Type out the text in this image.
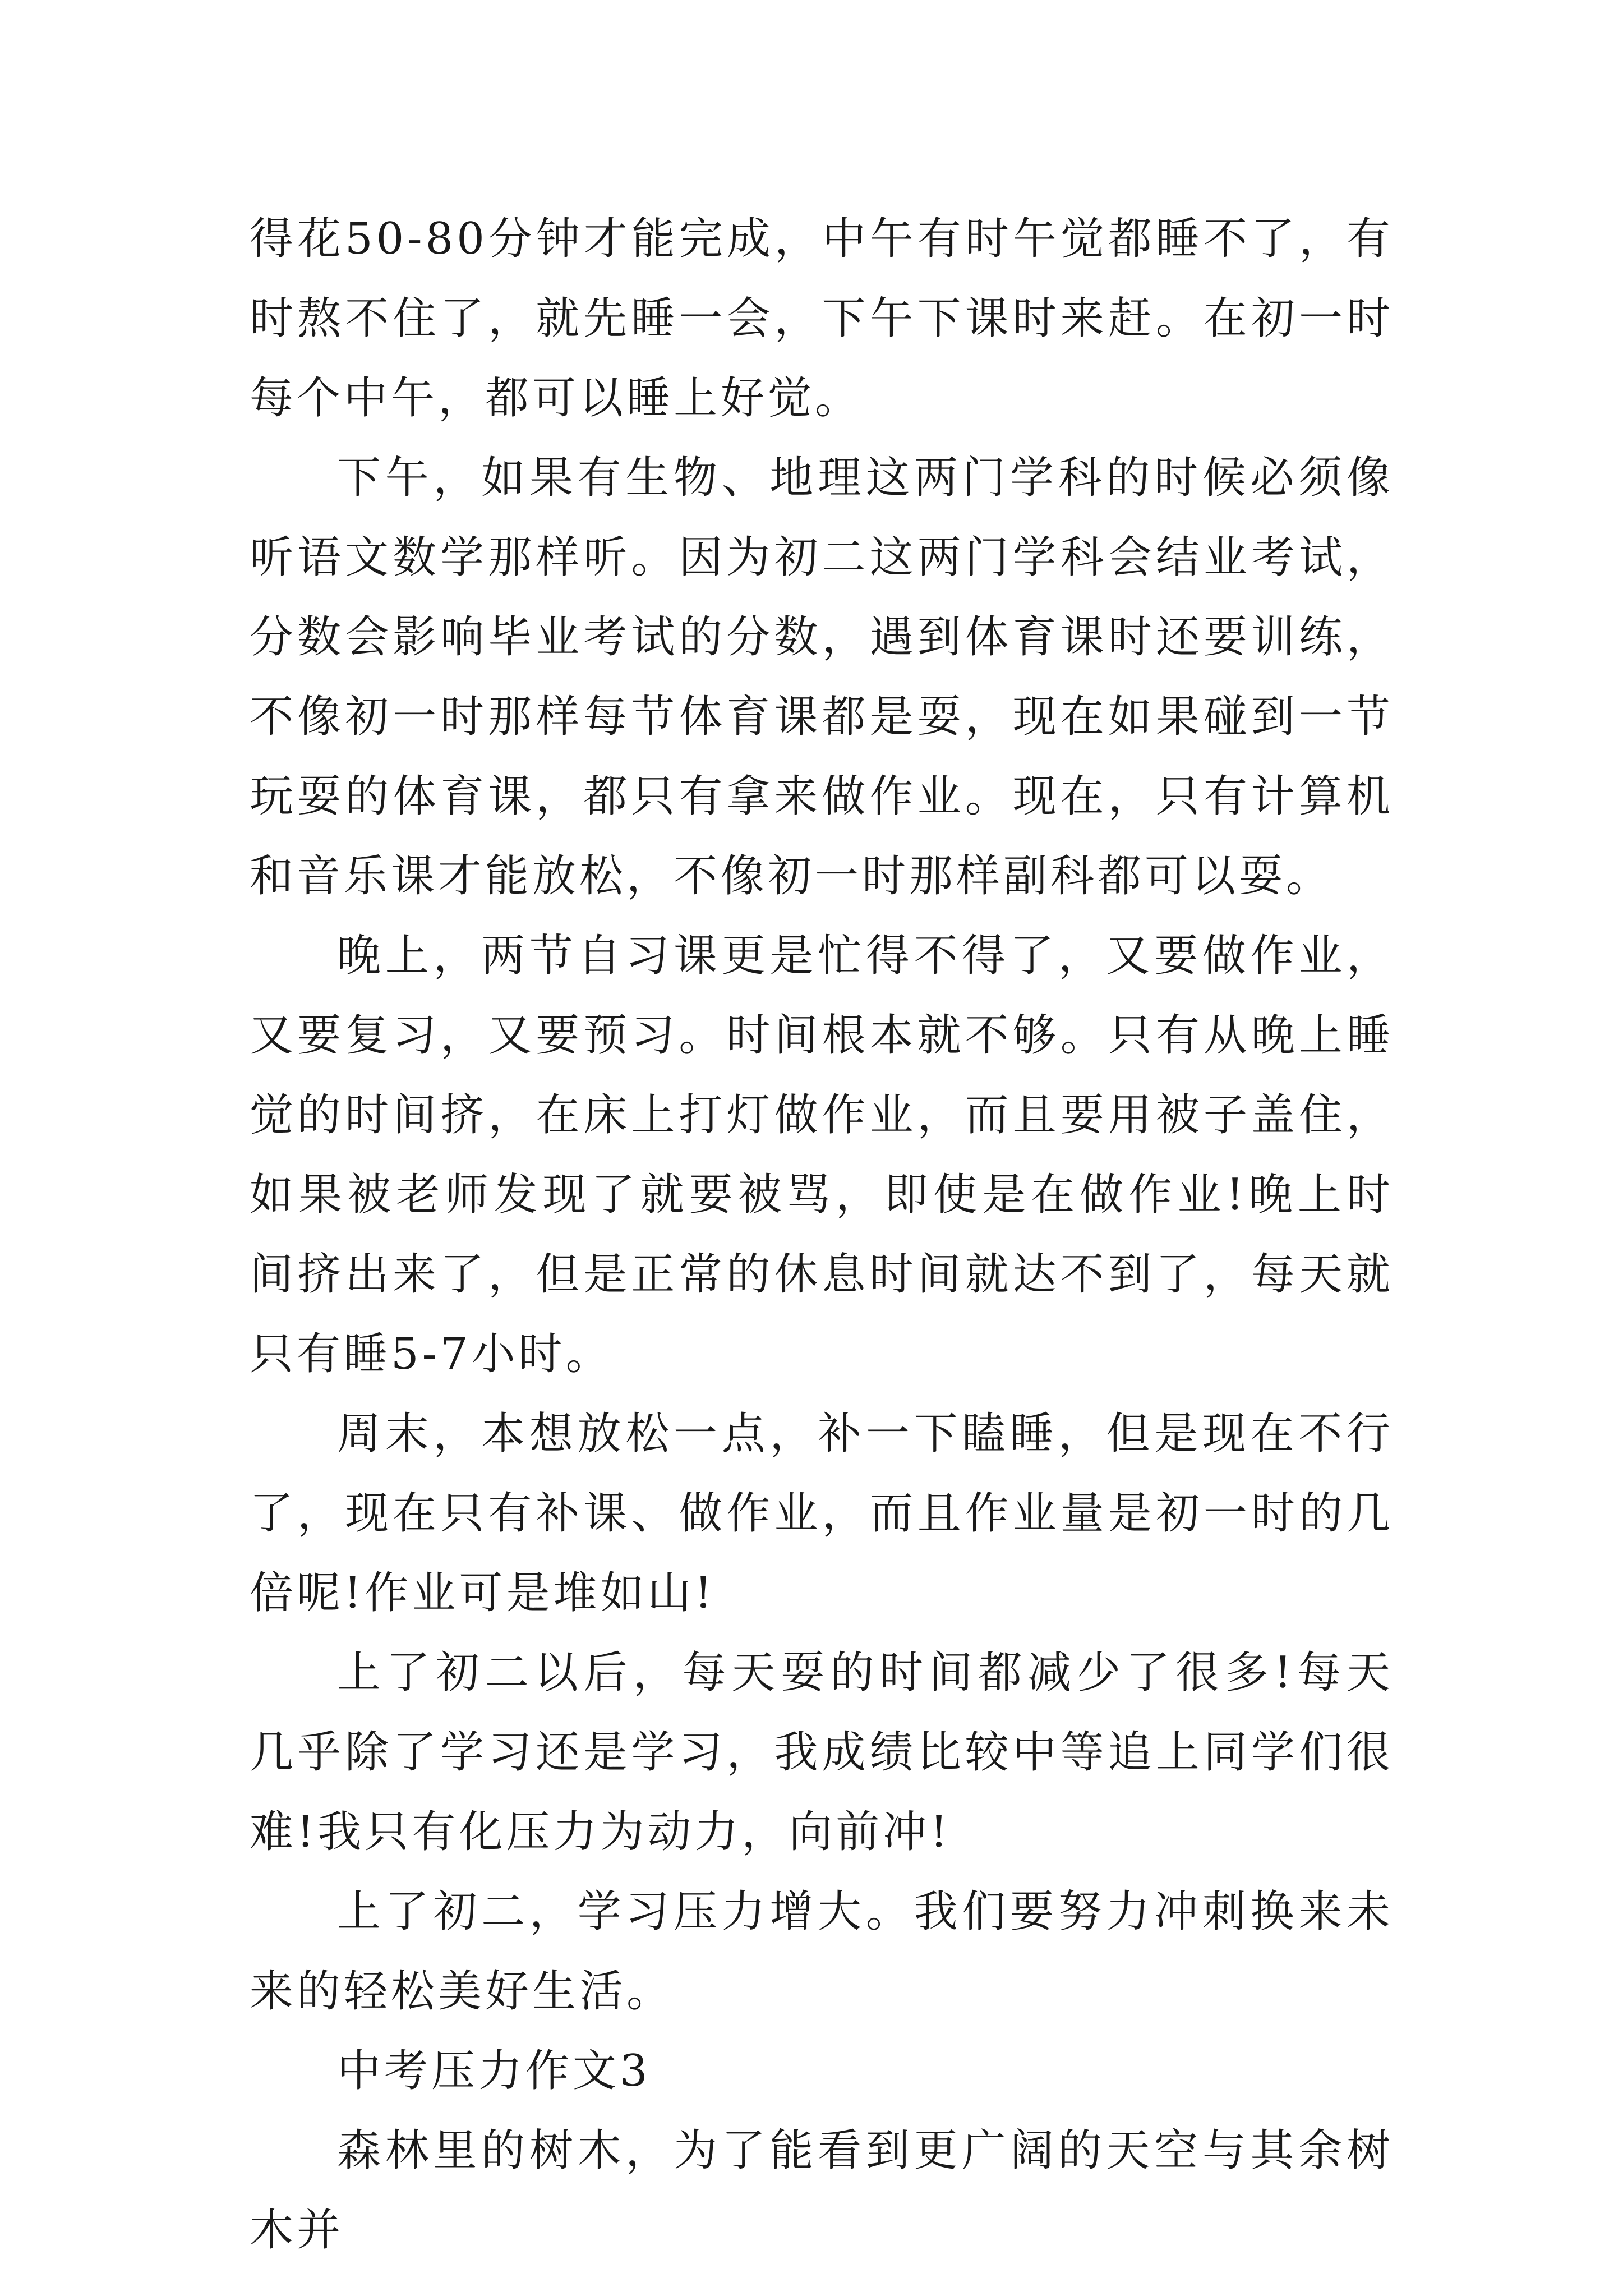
得花50-80分钟才能完成，中午有时午觉都睡不了，有时熬不住了，就先睡一会，下午下课时来赶。在初一时每个中午，都可以睡上好觉。

下午，如果有生物、地理这两门学科的时候必须像听语文数学那样听。因为初二这两门学科会结业考试，分数会影响毕业考试的分数，遇到体育课时还要训练，不像初一时那样每节体育课都是耍，现在如果碰到一节玩耍的体育课，都只有拿来做作业。现在，只有计算机和音乐课才能放松，不像初一时那样副科都可以耍。

晚上，两节自习课更是忙得不得了，又要做作业，又要复习，又要预习。时间根本就不够。只有从晚上睡觉的时间挤，在床上打灯做作业，而且要用被子盖住，如果被老师发现了就要被骂，即使是在做作业!晚上时间挤出来了，但是正常的休息时间就达不到了，每天就只有睡5-7小时。

周末，本想放松一点，补一下瞌睡，但是现在不行了，现在只有补课、做作业，而且作业量是初一时的几倍呢!作业可是堆如山!

上了初二以后，每天耍的时间都减少了很多!每天几乎除了学习还是学习，我成绩比较中等追上同学们很难!我只有化压力为动力，向前冲!

上了初二，学习压力增大。我们要努力冲刺换来未来的轻松美好生活。

中考压力作文3

森林里的树木，为了能看到更广阔的天空与其余树木并
